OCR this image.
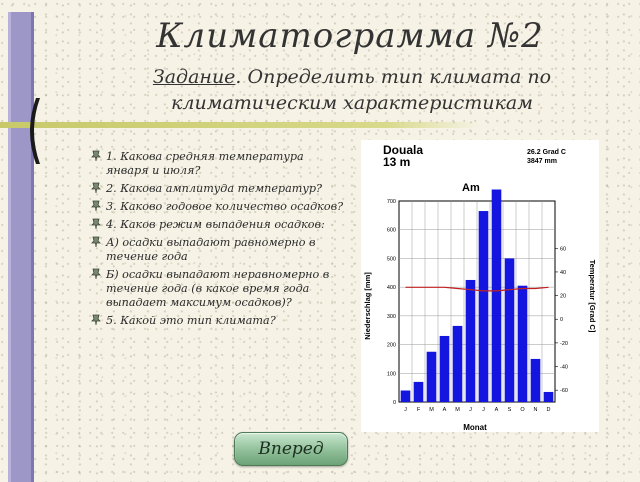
Климатограмма №2
Задание. Определить тип климата по климатическим характеристикам
1. Какова средняя температура января и июля?
2. Какова амплитуда температур?
3. Каково годовое количество осадков?
4. Каков режим выпадения осадков:
А) осадки выпадают равномерно в течение года
Б) осадки выпадают неравномерно в течение года (в какое время года выпадает максимум осадков)?
5. Какой это тип климата?
Douala
13 m
26.2 Grad C
3847 mm
Am
Niederschlag [mm]	Temperatur [Grad C]
Monat
0
100
200
300
400
500
600
700
-60
-40
-20
0
20
40
60
J F M A M J J A S O N D
Вперед
